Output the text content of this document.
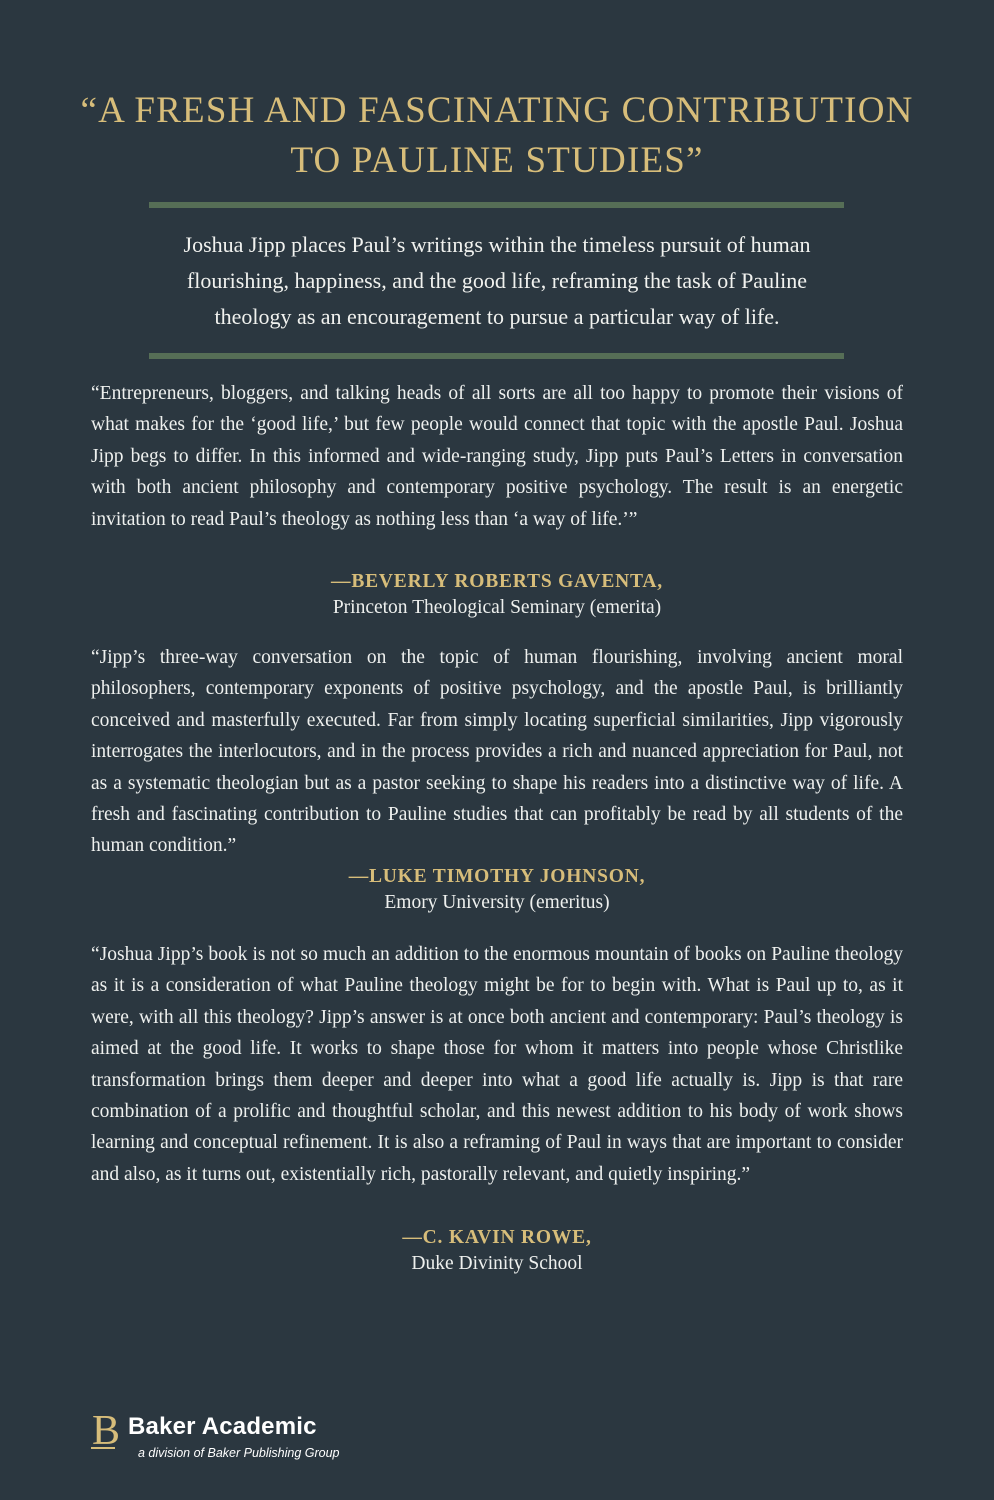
“A FRESH AND FASCINATING CONTRIBUTION
TO PAULINE STUDIES”
Joshua Jipp places Paul’s writings within the timeless pursuit of human
flourishing, happiness, and the good life, reframing the task of Pauline
theology as an encouragement to pursue a particular way of life.
“Entrepreneurs, bloggers, and talking heads of all sorts are all too happy to promote their visions of what makes for the ‘good life,’ but few people would connect that topic with the apostle Paul. Joshua Jipp begs to differ. In this informed and wide-ranging study, Jipp puts Paul’s Letters in conversation with both ancient philosophy and contemporary positive psychology. The result is an energetic invitation to read Paul’s theology as nothing less than ‘a way of life.’”
—BEVERLY ROBERTS GAVENTA,
Princeton Theological Seminary (emerita)
“Jipp’s three-way conversation on the topic of human flourishing, involving ancient moral philosophers, contemporary exponents of positive psychology, and the apostle Paul, is brilliantly conceived and masterfully executed. Far from simply locating superficial similarities, Jipp vigorously interrogates the interlocutors, and in the process provides a rich and nuanced appreciation for Paul, not as a systematic theologian but as a pastor seeking to shape his readers into a distinctive way of life. A fresh and fascinating contribution to Pauline studies that can profitably be read by all students of the human condition.”
—LUKE TIMOTHY JOHNSON,
Emory University (emeritus)
“Joshua Jipp’s book is not so much an addition to the enormous mountain of books on Pauline theology as it is a consideration of what Pauline theology might be for to begin with. What is Paul up to, as it were, with all this theology? Jipp’s answer is at once both ancient and contemporary: Paul’s theology is aimed at the good life. It works to shape those for whom it matters into people whose Christlike transformation brings them deeper and deeper into what a good life actually is. Jipp is that rare combination of a prolific and thoughtful scholar, and this newest addition to his body of work shows learning and conceptual refinement. It is also a reframing of Paul in ways that are important to consider and also, as it turns out, existentially rich, pastorally relevant, and quietly inspiring.”
—C. KAVIN ROWE,
Duke Divinity School
B Baker Academic
a division of Baker Publishing Group
